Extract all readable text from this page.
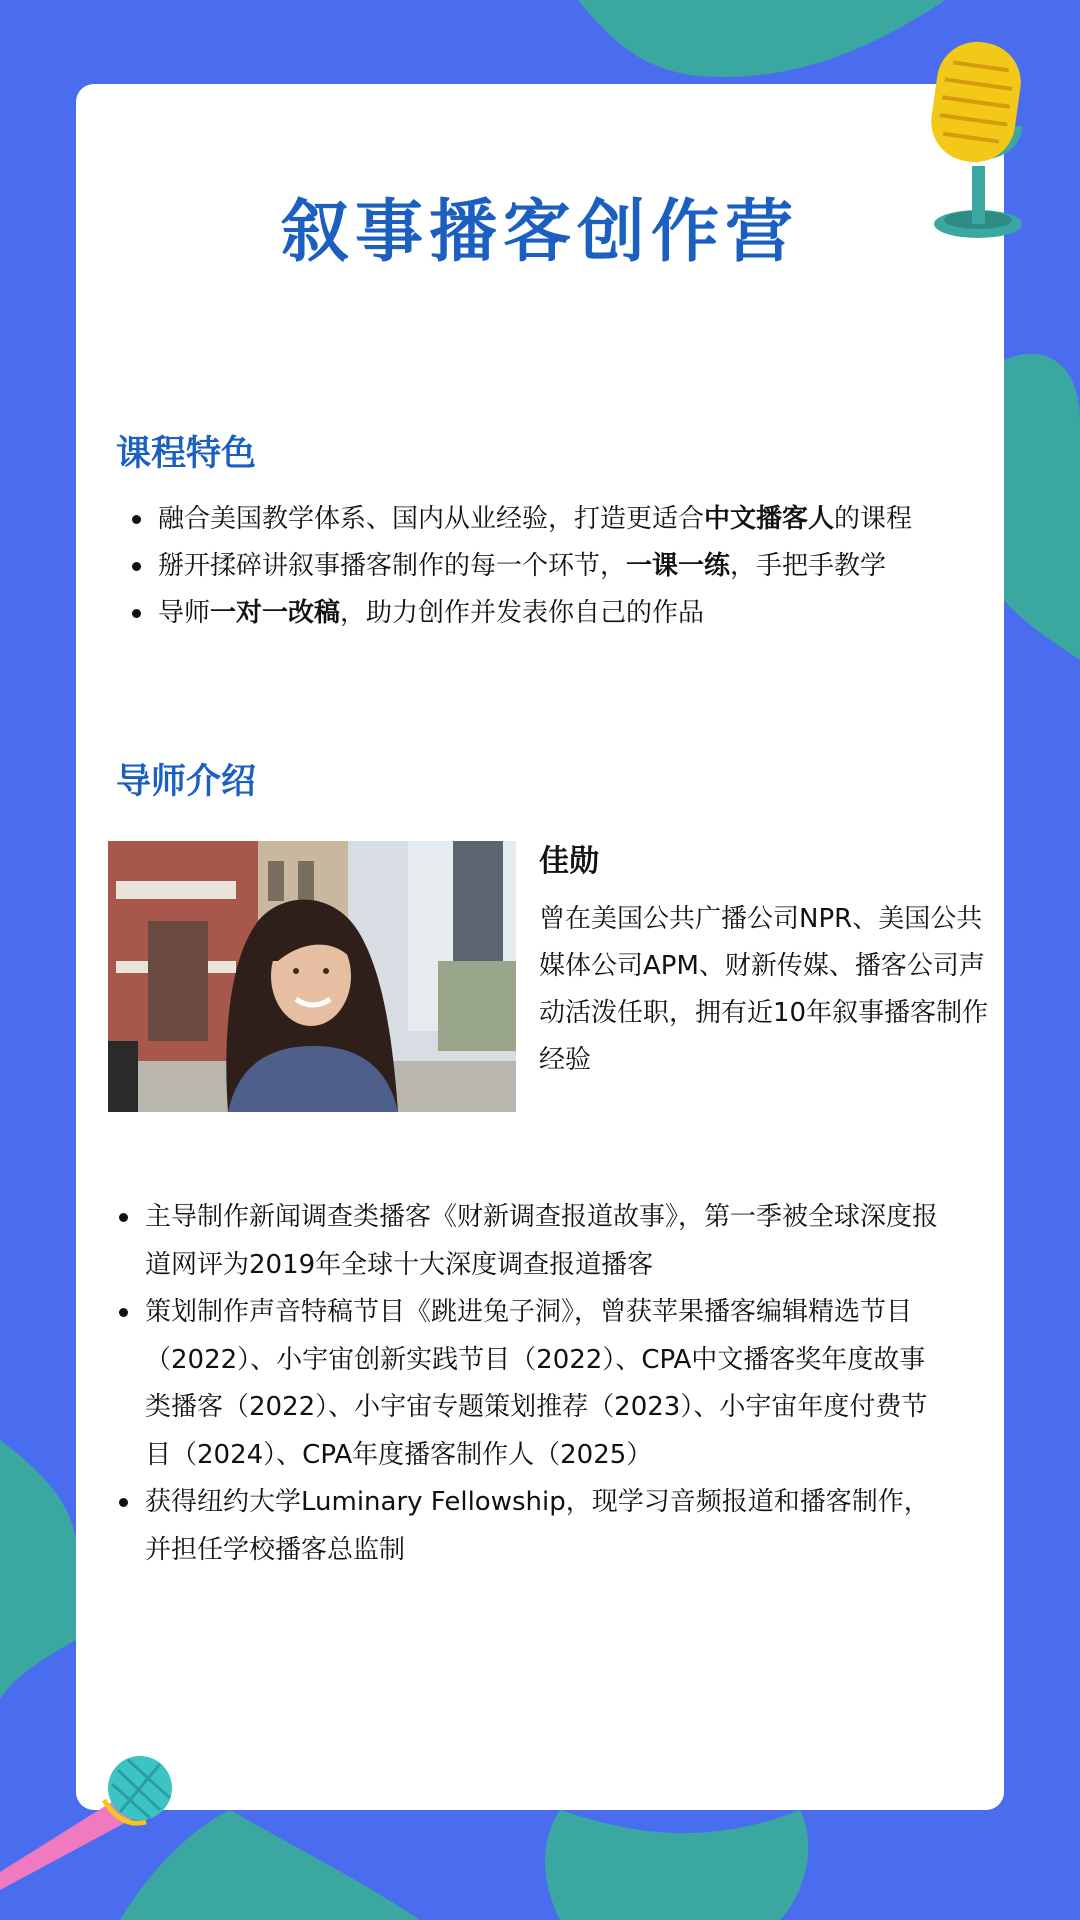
叙事播客创作营
课程特色
融合美国教学体系、国内从业经验，打造更适合中文播客人的课程
掰开揉碎讲叙事播客制作的每一个环节，一课一练，手把手教学
导师一对一改稿，助力创作并发表你自己的作品
导师介绍
佳勋

曾在美国公共广播公司NPR、美国公共媒体公司APM、财新传媒、播客公司声动活泼任职，拥有近10年叙事播客制作经验

主导制作新闻调查类播客《财新调查报道故事》，第一季被全球深度报道网评为2019年全球十大深度调查报道播客
策划制作声音特稿节目《跳进兔子洞》，曾获苹果播客编辑精选节目（2022）、小宇宙创新实践节目（2022）、CPA中文播客奖年度故事类播客（2022）、小宇宙专题策划推荐（2023）、小宇宙年度付费节目（2024）、CPA年度播客制作人（2025）
获得纽约大学Luminary Fellowship，现学习音频报道和播客制作，并担任学校播客总监制
